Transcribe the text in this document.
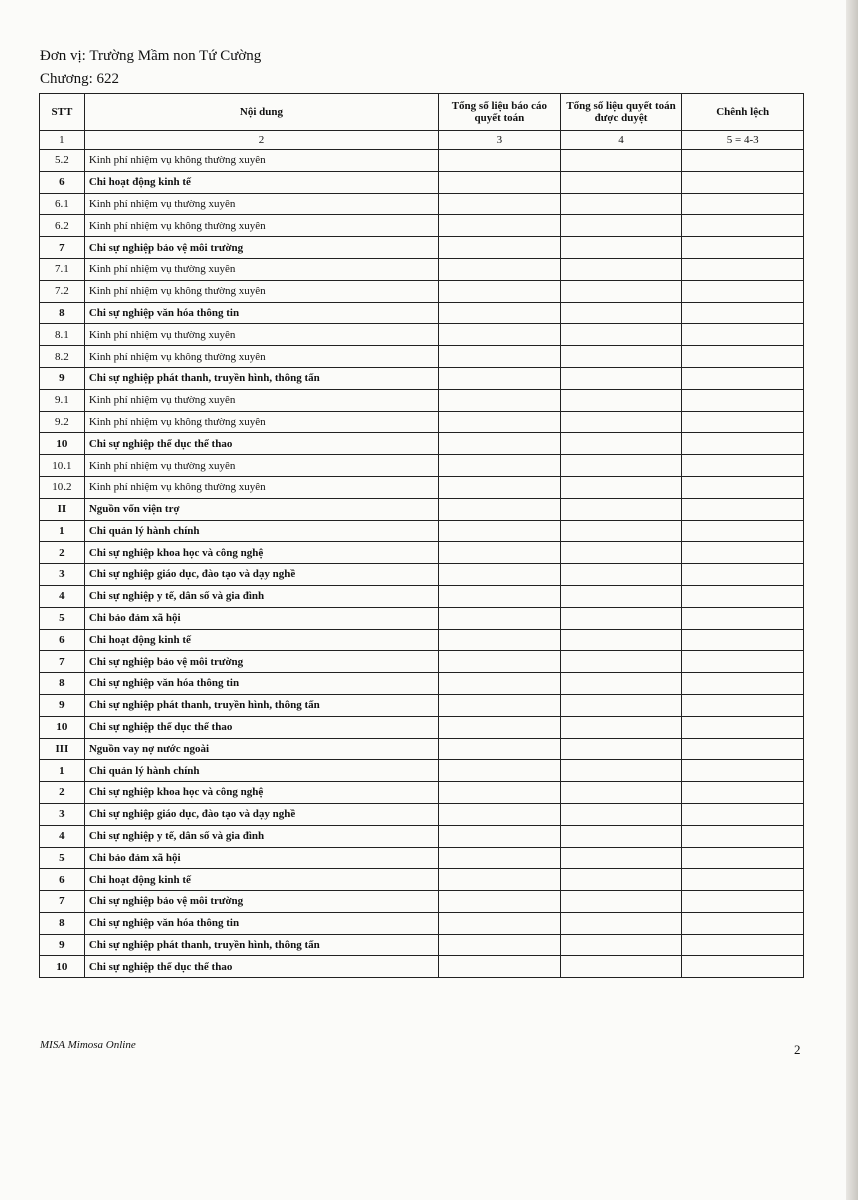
Đơn vị: Trường Mầm non Tứ Cường
Chương: 622
STT	Nội dung	Tổng số liệu báo cáo quyết toán	Tổng số liệu quyết toán được duyệt	Chênh lệch
1	2	3	4	5 = 4-3
5.2	Kinh phí nhiệm vụ không thường xuyên			
6	Chi hoạt động kinh tế			
6.1	Kinh phí nhiệm vụ thường xuyên			
6.2	Kinh phí nhiệm vụ không thường xuyên			
7	Chi sự nghiệp bảo vệ môi trường			
7.1	Kinh phí nhiệm vụ thường xuyên			
7.2	Kinh phí nhiệm vụ không thường xuyên			
8	Chi sự nghiệp văn hóa thông tin			
8.1	Kinh phí nhiệm vụ thường xuyên			
8.2	Kinh phí nhiệm vụ không thường xuyên			
9	Chi sự nghiệp phát thanh, truyền hình, thông tấn			
9.1	Kinh phí nhiệm vụ thường xuyên			
9.2	Kinh phí nhiệm vụ không thường xuyên			
10	Chi sự nghiệp thể dục thể thao			
10.1	Kinh phí nhiệm vụ thường xuyên			
10.2	Kinh phí nhiệm vụ không thường xuyên			
II	Nguồn vốn viện trợ			
1	Chi quản lý hành chính			
2	Chi sự nghiệp khoa học và công nghệ			
3	Chi sự nghiệp giáo dục, đào tạo và dạy nghề			
4	Chi sự nghiệp y tế, dân số và gia đình			
5	Chi bảo đảm xã hội			
6	Chi hoạt động kinh tế			
7	Chi sự nghiệp bảo vệ môi trường			
8	Chi sự nghiệp văn hóa thông tin			
9	Chi sự nghiệp phát thanh, truyền hình, thông tấn			
10	Chi sự nghiệp thể dục thể thao			
III	Nguồn vay nợ nước ngoài			
1	Chi quản lý hành chính			
2	Chi sự nghiệp khoa học và công nghệ			
3	Chi sự nghiệp giáo dục, đào tạo và dạy nghề			
4	Chi sự nghiệp y tế, dân số và gia đình			
5	Chi bảo đảm xã hội			
6	Chi hoạt động kinh tế			
7	Chi sự nghiệp bảo vệ môi trường			
8	Chi sự nghiệp văn hóa thông tin			
9	Chi sự nghiệp phát thanh, truyền hình, thông tấn			
10	Chi sự nghiệp thể dục thể thao			
MISA Mimosa Online	2
